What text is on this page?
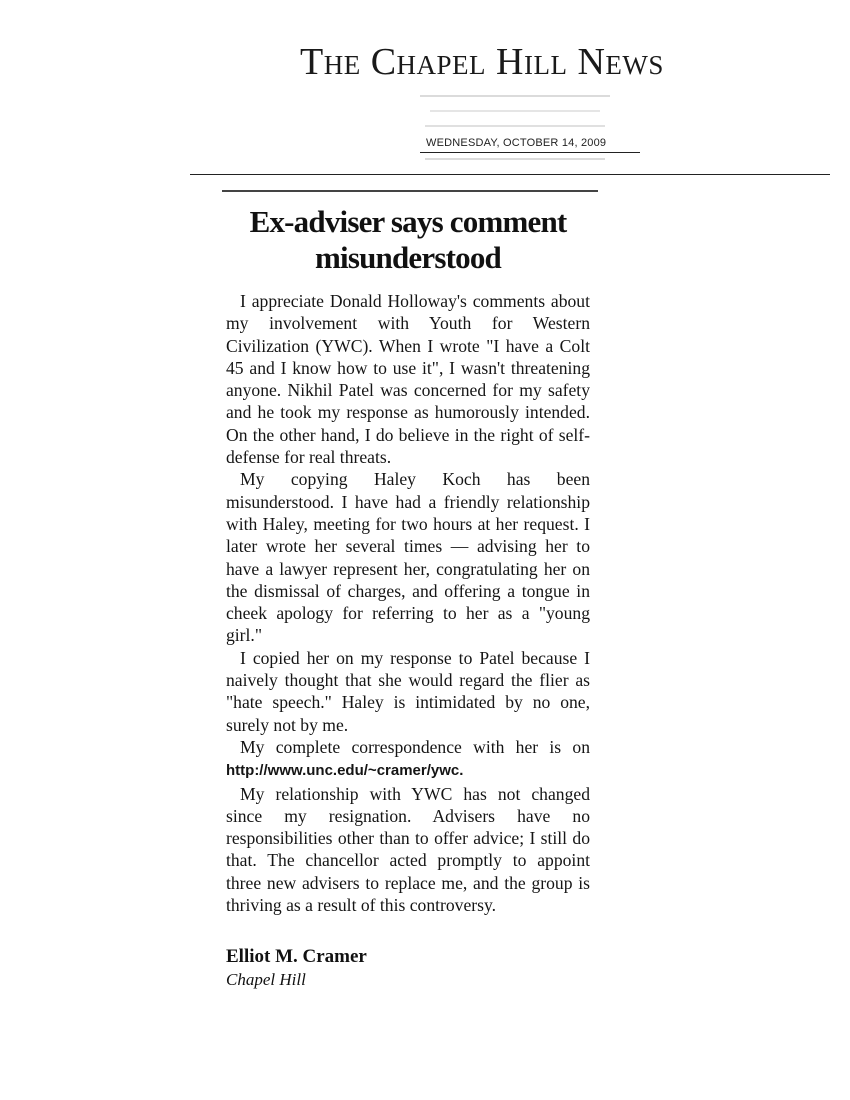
The Chapel Hill News
WEDNESDAY, OCTOBER 14, 2009
Ex-adviser says comment
misunderstood

I appreciate Donald Holloway's comments about my involvement with Youth for Western Civilization (YWC). When I wrote "I have a Colt 45 and I know how to use it", I wasn't threatening anyone. Nikhil Patel was concerned for my safety and he took my response as humorously intended. On the other hand, I do believe in the right of self-defense for real threats.

My copying Haley Koch has been misunderstood. I have had a friendly relationship with Haley, meeting for two hours at her request. I later wrote her several times — advising her to have a lawyer represent her, congratulating her on the dismissal of charges, and offering a tongue in cheek apology for referring to her as a "young girl."

I copied her on my response to Patel because I naively thought that she would regard the flier as "hate speech." Haley is intimidated by no one, surely not by me.

My complete correspondence with her is on http://www.unc.edu/~cramer/ywc.

My relationship with YWC has not changed since my resignation. Advisers have no responsibilities other than to offer advice; I still do that. The chancellor acted promptly to appoint three new advisers to replace me, and the group is thriving as a result of this controversy.

Elliot M. Cramer
Chapel Hill
